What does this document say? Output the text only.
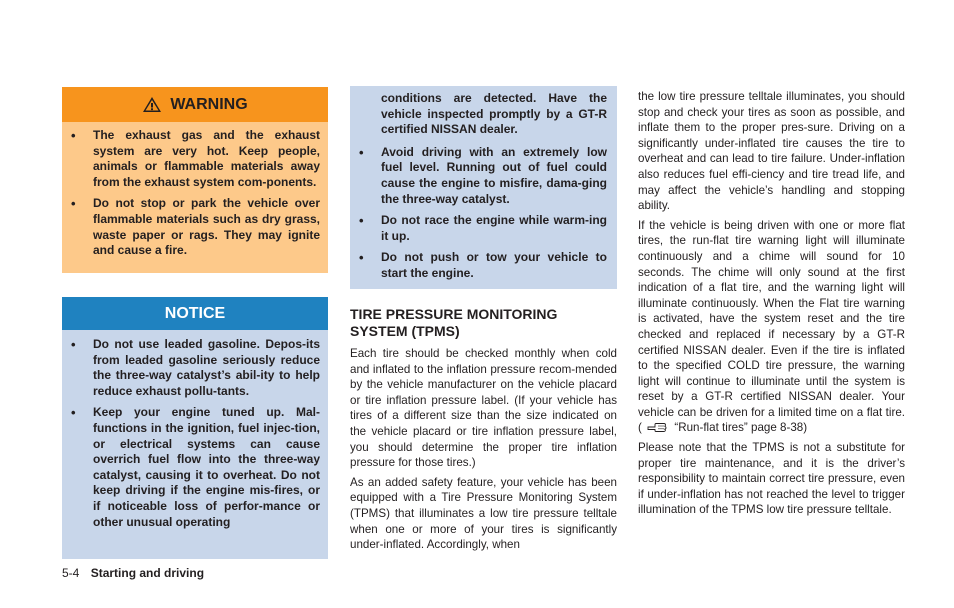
WARNING
• The exhaust gas and the exhaust system are very hot. Keep people, animals or flammable materials away from the exhaust system com-ponents.
• Do not stop or park the vehicle over flammable materials such as dry grass, waste paper or rags. They may ignite and cause a fire.
NOTICE
• Do not use leaded gasoline. Depos-its from leaded gasoline seriously reduce the three-way catalyst’s abil-ity to help reduce exhaust pollu-tants.
• Keep your engine tuned up. Mal-functions in the ignition, fuel injec-tion, or electrical systems can cause overrich fuel flow into the three-way catalyst, causing it to overheat. Do not keep driving if the engine mis-fires, or if noticeable loss of perfor-mance or other unusual operating
conditions are detected. Have the vehicle inspected promptly by a GT-R certified NISSAN dealer.
• Avoid driving with an extremely low fuel level. Running out of fuel could cause the engine to misfire, dama-ging the three-way catalyst.
• Do not race the engine while warm-ing it up.
• Do not push or tow your vehicle to start the engine.
TIRE PRESSURE MONITORING SYSTEM (TPMS)

Each tire should be checked monthly when cold and inflated to the inflation pressure recom-mended by the vehicle manufacturer on the vehicle placard or tire inflation pressure label. (If your vehicle has tires of a different size than the size indicated on the vehicle placard or tire inflation pressure label, you should determine the proper tire inflation pressure for those tires.)

As an added safety feature, your vehicle has been equipped with a Tire Pressure Monitoring System (TPMS) that illuminates a low tire pressure telltale when one or more of your tires is significantly under-inflated. Accordingly, when

the low tire pressure telltale illuminates, you should stop and check your tires as soon as possible, and inflate them to the proper pres-sure. Driving on a significantly under-inflated tire causes the tire to overheat and can lead to tire failure. Under-inflation also reduces fuel effi-ciency and tire tread life, and may affect the vehicle’s handling and stopping ability.

If the vehicle is being driven with one or more flat tires, the run-flat tire warning light will illuminate continuously and a chime will sound for 10 seconds. The chime will only sound at the first indication of a flat tire, and the warning light will illuminate continuously. When the Flat tire warning is activated, have the system reset and the tire checked and replaced if necessary by a GT-R certified NISSAN dealer. Even if the tire is inflated to the specified COLD tire pressure, the warning light will continue to illuminate until the system is reset by a GT-R certified NISSAN dealer. Your vehicle can be driven for a limited time on a flat tire. (	“Run-flat tires” page 8-38)

Please note that the TPMS is not a substitute for proper tire maintenance, and it is the driver’s responsibility to maintain correct tire pressure, even if under-inflation has not reached the level to trigger illumination of the TPMS low tire pressure telltale.

5-4 Starting and driving
